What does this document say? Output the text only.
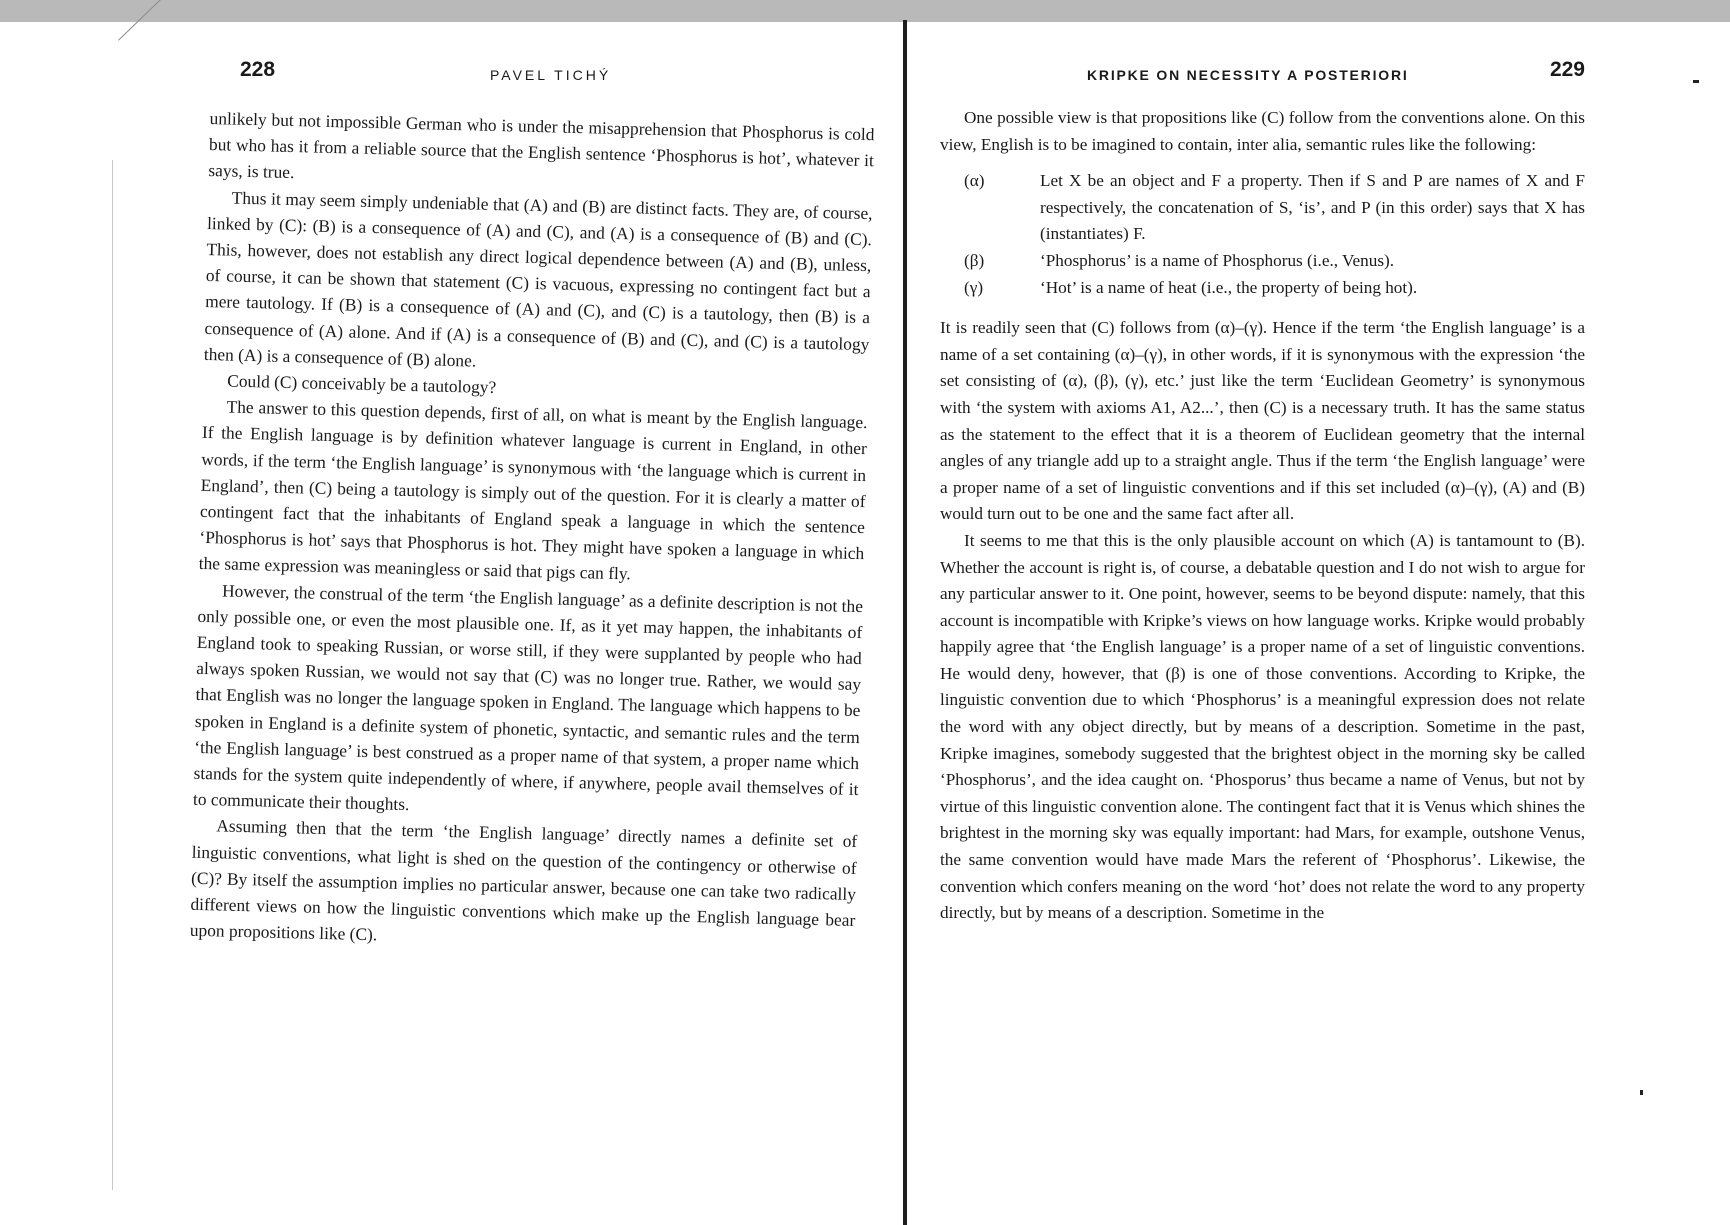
228	PAVEL TICHÝ

unlikely but not impossible German who is under the misapprehension that Phosphorus is cold but who has it from a reliable source that the English sentence ‘Phosphorus is hot’, whatever it says, is true.

Thus it may seem simply undeniable that (A) and (B) are distinct facts. They are, of course, linked by (C): (B) is a consequence of (A) and (C), and (A) is a consequence of (B) and (C). This, however, does not establish any direct logical dependence between (A) and (B), unless, of course, it can be shown that statement (C) is vacuous, expressing no contingent fact but a mere tautology. If (B) is a consequence of (A) and (C), and (C) is a tautology, then (B) is a consequence of (A) alone. And if (A) is a consequence of (B) and (C), and (C) is a tautology then (A) is a consequence of (B) alone.

Could (C) conceivably be a tautology?

The answer to this question depends, first of all, on what is meant by the English language. If the English language is by definition whatever language is current in England, in other words, if the term ‘the English language’ is synonymous with ‘the language which is current in England’, then (C) being a tautology is simply out of the question. For it is clearly a matter of contingent fact that the inhabitants of England speak a language in which the sentence ‘Phosphorus is hot’ says that Phosphorus is hot. They might have spoken a language in which the same expression was meaningless or said that pigs can fly.

However, the construal of the term ‘the English language’ as a definite description is not the only possible one, or even the most plausible one. If, as it yet may happen, the inhabitants of England took to speaking Russian, or worse still, if they were supplanted by people who had always spoken Russian, we would not say that (C) was no longer true. Rather, we would say that English was no longer the language spoken in England. The language which happens to be spoken in England is a definite system of phonetic, syntactic, and semantic rules and the term ‘the English language’ is best construed as a proper name of that system, a proper name which stands for the system quite independently of where, if anywhere, people avail themselves of it to communicate their thoughts.

Assuming then that the term ‘the English language’ directly names a definite set of linguistic conventions, what light is shed on the question of the contingency or otherwise of (C)? By itself the assumption implies no particular answer, because one can take two radically different views on how the linguistic conventions which make up the English language bear upon propositions like (C).

KRIPKE ON NECESSITY A POSTERIORI	229

One possible view is that propositions like (C) follow from the conventions alone. On this view, English is to be imagined to contain, inter alia, semantic rules like the following:

(α)	Let X be an object and F a property. Then if S and P are names of X and F respectively, the concatenation of S, ‘is’, and P (in this order) says that X has (instantiates) F.
(β)	‘Phosphorus’ is a name of Phosphorus (i.e., Venus).
(γ)	‘Hot’ is a name of heat (i.e., the property of being hot).

It is readily seen that (C) follows from (α)–(γ). Hence if the term ‘the English language’ is a name of a set containing (α)–(γ), in other words, if it is synonymous with the expression ‘the set consisting of (α), (β), (γ), etc.’ just like the term ‘Euclidean Geometry’ is synonymous with ‘the system with axioms A1, A2...’, then (C) is a necessary truth. It has the same status as the statement to the effect that it is a theorem of Euclidean geometry that the internal angles of any triangle add up to a straight angle. Thus if the term ‘the English language’ were a proper name of a set of linguistic conventions and if this set included (α)–(γ), (A) and (B) would turn out to be one and the same fact after all.

It seems to me that this is the only plausible account on which (A) is tantamount to (B). Whether the account is right is, of course, a debatable question and I do not wish to argue for any particular answer to it. One point, however, seems to be beyond dispute: namely, that this account is incompatible with Kripke’s views on how language works. Kripke would probably happily agree that ‘the English language’ is a proper name of a set of linguistic conventions. He would deny, however, that (β) is one of those conventions. According to Kripke, the linguistic convention due to which ‘Phosphorus’ is a meaningful expression does not relate the word with any object directly, but by means of a description. Sometime in the past, Kripke imagines, somebody suggested that the brightest object in the morning sky be called ‘Phosphorus’, and the idea caught on. ‘Phosporus’ thus became a name of Venus, but not by virtue of this linguistic convention alone. The contingent fact that it is Venus which shines the brightest in the morning sky was equally important: had Mars, for example, outshone Venus, the same convention would have made Mars the referent of ‘Phosphorus’. Likewise, the convention which confers meaning on the word ‘hot’ does not relate the word to any property directly, but by means of a description. Sometime in the
